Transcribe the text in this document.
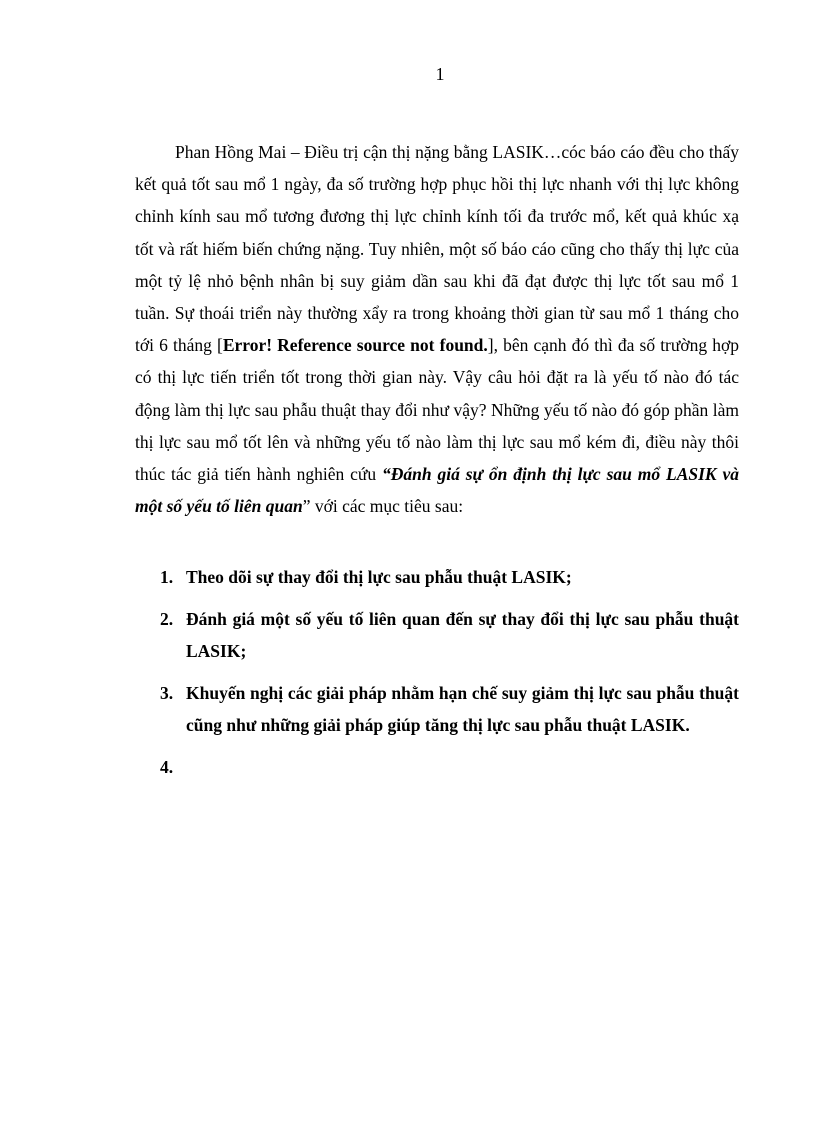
1

Phan Hồng Mai – Điều trị cận thị nặng bằng LASIK…cóc báo cáo đều cho thấy kết quả tốt sau mổ 1 ngày, đa số trường hợp phục hồi thị lực nhanh với thị lực không chỉnh kính sau mổ tương đương thị lực chỉnh kính tối đa trước mổ, kết quả khúc xạ tốt và rất hiếm biến chứng nặng. Tuy nhiên, một số báo cáo cũng cho thấy thị lực của một tỷ lệ nhỏ bệnh nhân bị suy giảm dần sau khi đã đạt được thị lực tốt sau mổ 1 tuần. Sự thoái triển này thường xẩy ra trong khoảng thời gian từ sau mổ 1 tháng cho tới 6 tháng [Error! Reference source not found.], bên cạnh đó thì đa số trường hợp có thị lực tiến triển tốt trong thời gian này. Vậy câu hỏi đặt ra là yếu tố nào đó tác động làm thị lực sau phẫu thuật thay đổi như vậy? Những yếu tố nào đó góp phần làm thị lực sau mổ tốt lên và những yếu tố nào làm thị lực sau mổ kém đi, điều này thôi thúc tác giả tiến hành nghiên cứu “Đánh giá sự ổn định thị lực sau mổ LASIK và một số yếu tố liên quan” với các mục tiêu sau:

1. Theo dõi sự thay đổi thị lực sau phẫu thuật LASIK;
2. Đánh giá một số yếu tố liên quan đến sự thay đổi thị lực sau phẫu thuật LASIK;
3. Khuyến nghị các giải pháp nhằm hạn chế suy giảm thị lực sau phẫu thuật cũng như những giải pháp giúp tăng thị lực sau phẫu thuật LASIK.
4.
